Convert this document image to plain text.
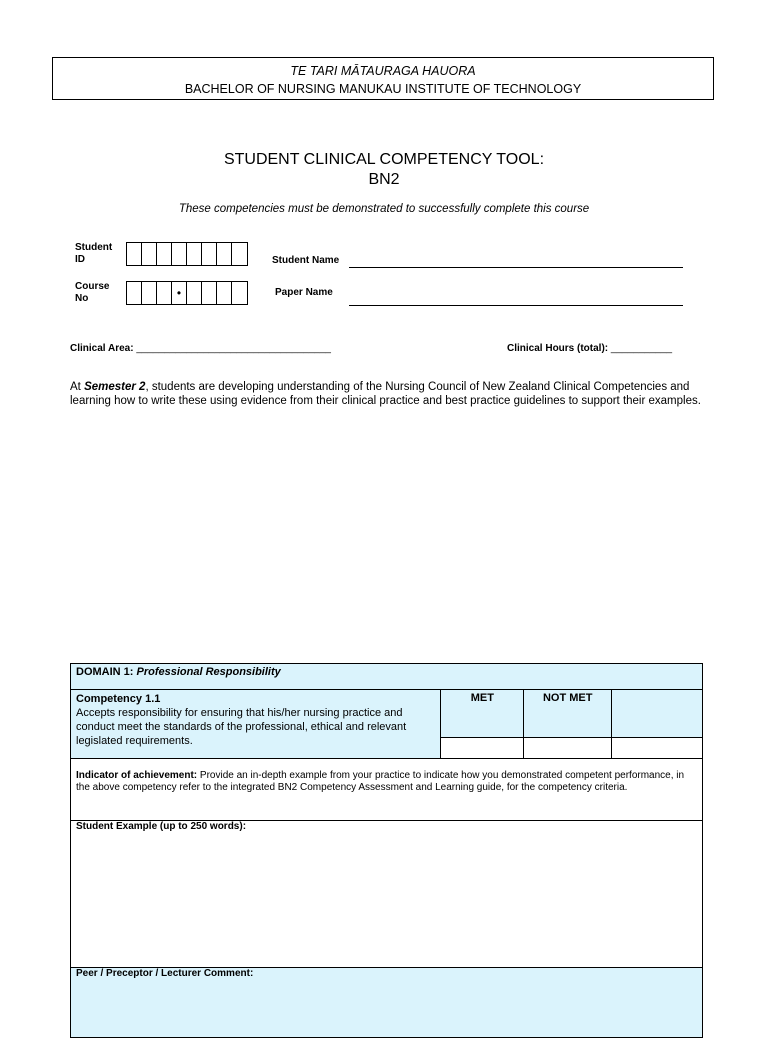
TE TARI MĀTAURAGA HAUORA
BACHELOR OF NURSING MANUKAU INSTITUTE OF TECHNOLOGY
STUDENT CLINICAL COMPETENCY TOOL:
BN2
These competencies must be demonstrated to successfully complete this course
Student
ID	Student Name
Course
No	•	Paper Name
Clinical Area: ___________________________________	Clinical Hours (total): ___________
At Semester 2, students are developing understanding of the Nursing Council of New Zealand Clinical Competencies and learning how to write these using evidence from their clinical practice and best practice guidelines to support their examples.
DOMAIN 1: Professional Responsibility			

Competency 1.1
Accepts responsibility for ensuring that his/her nursing practice and conduct meet the standards of the professional, ethical and relevant legislated requirements.	MET	NOT MET	

Indicator of achievement: Provide an in-depth example from your practice to indicate how you demonstrated competent performance, in the above competency refer to the integrated BN2 Competency Assessment and Learning guide, for the competency criteria.			
Student Example (up to 250 words):			
Peer / Preceptor / Lecturer Comment:			
